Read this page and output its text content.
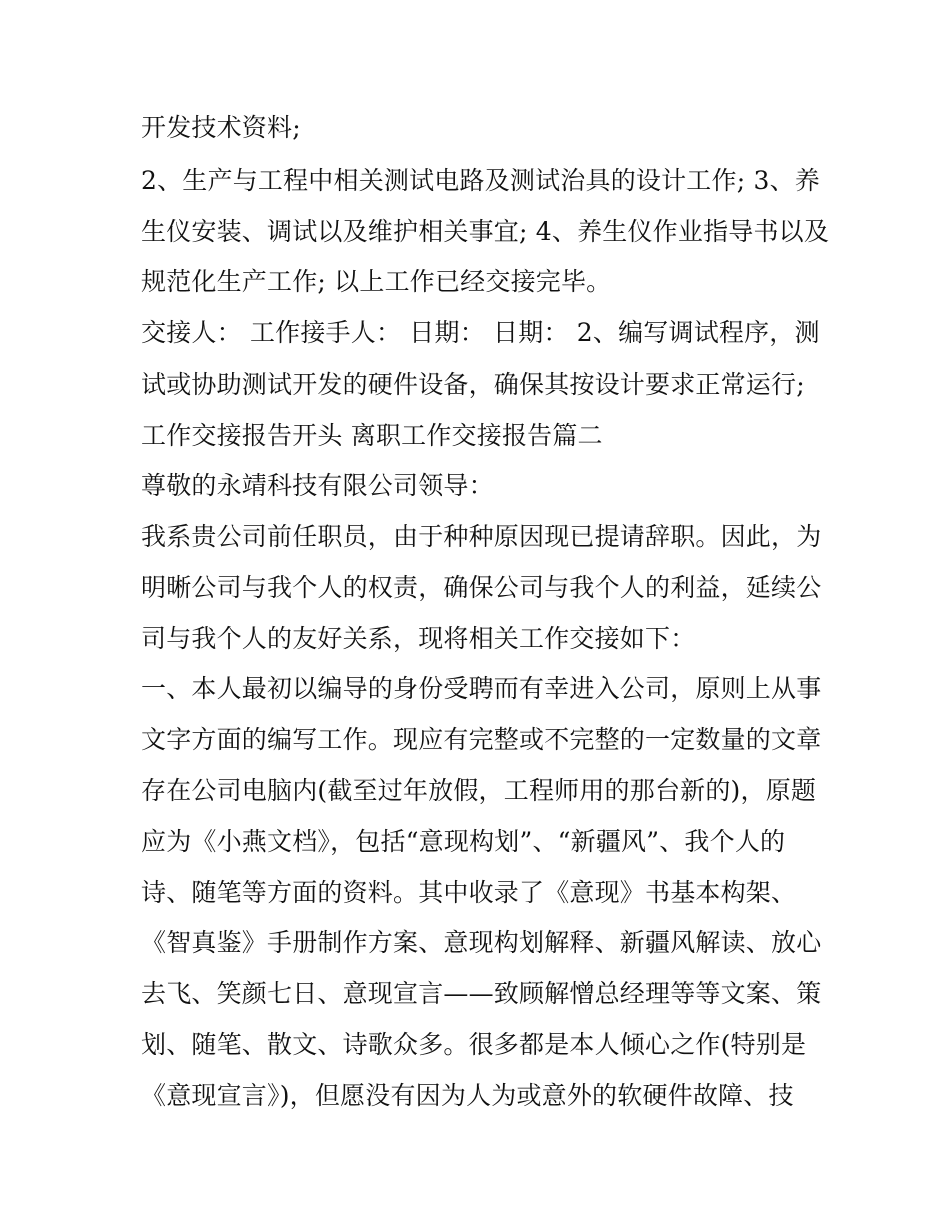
开发技术资料;
2、生产与工程中相关测试电路及测试治具的设计工作; 3、养
生仪安装、调试以及维护相关事宜; 4、养生仪作业指导书以及
规范化生产工作; 以上工作已经交接完毕。
交接人： 工作接手人： 日期： 日期： 2、编写调试程序，测
试或协助测试开发的硬件设备，确保其按设计要求正常运行;
工作交接报告开头 离职工作交接报告篇二
尊敬的永靖科技有限公司领导：
我系贵公司前任职员，由于种种原因现已提请辞职。因此，为
明晰公司与我个人的权责，确保公司与我个人的利益，延续公
司与我个人的友好关系，现将相关工作交接如下：
一、本人最初以编导的身份受聘而有幸进入公司，原则上从事
文字方面的编写工作。现应有完整或不完整的一定数量的文章
存在公司电脑内(截至过年放假，工程师用的那台新的)，原题
应为《小燕文档》，包括“意现构划”、“新疆风”、我个人的
诗、随笔等方面的资料。其中收录了《意现》书基本构架、
《智真鉴》手册制作方案、意现构划解释、新疆风解读、放心
去飞、笑颜七日、意现宣言——致顾解憎总经理等等文案、策
划、随笔、散文、诗歌众多。很多都是本人倾心之作(特别是
《意现宣言》)，但愿没有因为人为或意外的软硬件故障、技
